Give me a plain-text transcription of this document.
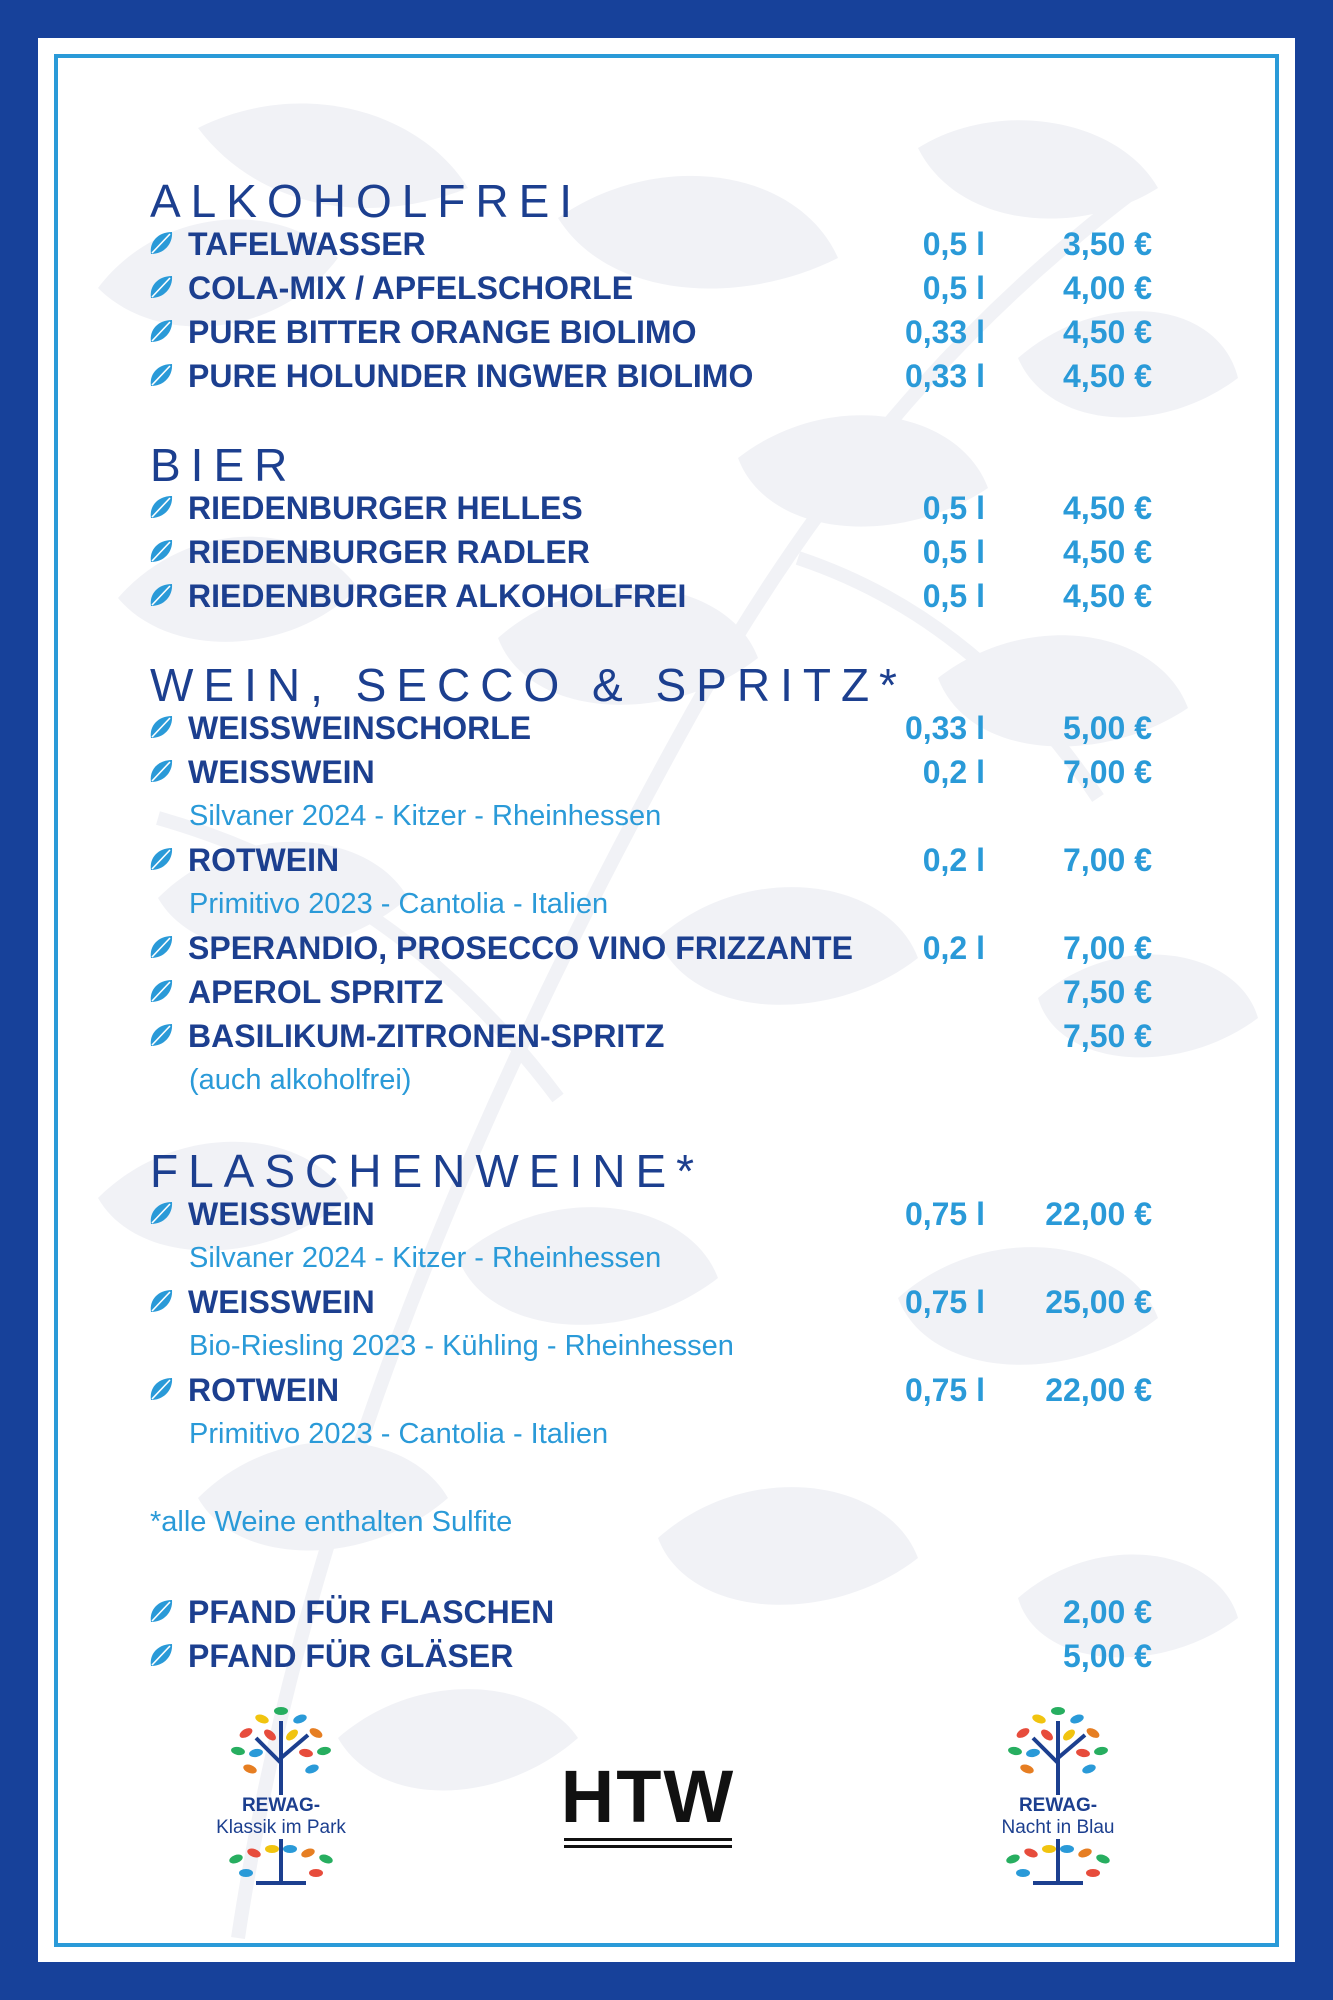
ALKOHOLFREI
TAFELWASSER	0,5 l 3,50 €
COLA-MIX / APFELSCHORLE	0,5 l 4,00 €
PURE BITTER ORANGE BIOLIMO	0,33 l 4,50 €
PURE HOLUNDER INGWER BIOLIMO	0,33 l 4,50 €
BIER
RIEDENBURGER HELLES	0,5 l 4,50 €
RIEDENBURGER RADLER	0,5 l 4,50 €
RIEDENBURGER ALKOHOLFREI	0,5 l 4,50 €
WEIN, SECCO & SPRITZ*
WEISSWEINSCHORLE	0,33 l 5,00 €
WEISSWEIN	0,2 l 7,00 €
Silvaner 2024 - Kitzer - Rheinhessen
ROTWEIN	0,2 l 7,00 €
Primitivo 2023 - Cantolia - Italien
SPERANDIO, PROSECCO VINO FRIZZANTE 0,2 l 7,00 €
APEROL SPRITZ	7,50 €
BASILIKUM-ZITRONEN-SPRITZ	7,50 €
(auch alkoholfrei)
FLASCHENWEINE*
WEISSWEIN	0,75 l 22,00 €
Silvaner 2024 - Kitzer - Rheinhessen
WEISSWEIN	0,75 l 25,00 €
Bio-Riesling 2023 - Kühling - Rheinhessen
ROTWEIN	0,75 l 22,00 €
Primitivo 2023 - Cantolia - Italien
*alle Weine enthalten Sulfite
PFAND FÜR FLASCHEN	2,00 €
PFAND FÜR GLÄSER	5,00 €
REWAG-
Klassik im Park	HTW	REWAG-
Nacht in Blau
